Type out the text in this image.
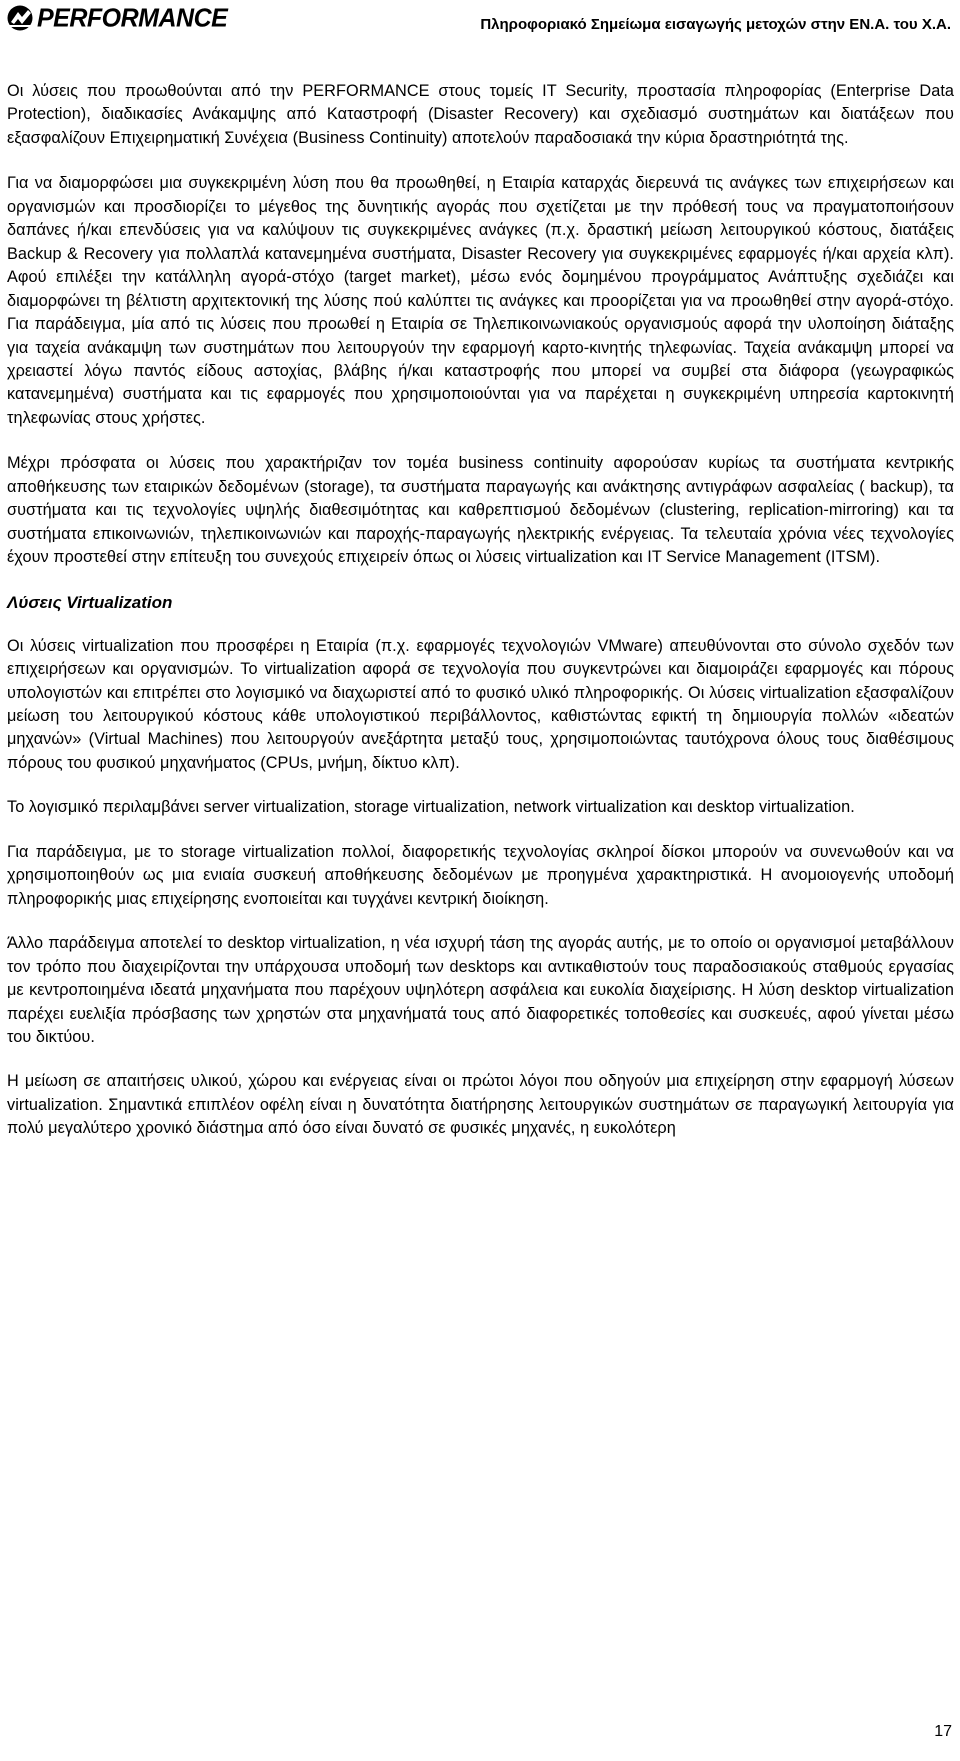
PERFORMANCE	Πληροφοριακό Σημείωμα εισαγωγής μετοχών στην ΕΝ.Α. του Χ.Α.

Οι λύσεις που προωθούνται από την PERFORMANCE στους τομείς IT Security, προστασία πληροφορίας (Enterprise Data Protection), διαδικασίες Ανάκαμψης από Καταστροφή (Disaster Recovery) και σχεδιασμό συστημάτων και διατάξεων που εξασφαλίζουν Επιχειρηματική Συνέχεια (Business Continuity) αποτελούν παραδοσιακά την κύρια δραστηριότητά της.

Για να διαμορφώσει μια συγκεκριμένη λύση που θα προωθηθεί, η Εταιρία καταρχάς διερευνά τις ανάγκες των επιχειρήσεων και οργανισμών και προσδιορίζει το μέγεθος της δυνητικής αγοράς που σχετίζεται με την πρόθεσή τους να πραγματοποιήσουν δαπάνες ή/και επενδύσεις για να καλύψουν τις συγκεκριμένες ανάγκες (π.χ. δραστική μείωση λειτουργικού κόστους, διατάξεις Backup & Recovery για πολλαπλά κατανεμημένα συστήματα, Disaster Recovery για συγκεκριμένες εφαρμογές ή/και αρχεία κλπ). Αφού επιλέξει την κατάλληλη αγορά-στόχο (target market), μέσω ενός δομημένου προγράμματος Ανάπτυξης σχεδιάζει και διαμορφώνει τη βέλτιστη αρχιτεκτονική της λύσης πού καλύπτει τις ανάγκες και προορίζεται για να προωθηθεί στην αγορά-στόχο. Για παράδειγμα, μία από τις λύσεις που προωθεί η Εταιρία σε Τηλεπικοινωνιακούς οργανισμούς αφορά την υλοποίηση διάταξης για ταχεία ανάκαμψη των συστημάτων που λειτουργούν την εφαρμογή καρτο-κινητής τηλεφωνίας. Ταχεία ανάκαμψη μπορεί να χρειαστεί λόγω παντός είδους αστοχίας, βλάβης ή/και καταστροφής που μπορεί να συμβεί στα διάφορα (γεωγραφικώς κατανεμημένα) συστήματα και τις εφαρμογές που χρησιμοποιούνται για να παρέχεται η συγκεκριμένη υπηρεσία καρτοκινητή τηλεφωνίας στους χρήστες.

Μέχρι πρόσφατα οι λύσεις που χαρακτήριζαν τον τομέα business continuity αφορούσαν κυρίως τα συστήματα κεντρικής αποθήκευσης των εταιρικών δεδομένων (storage), τα συστήματα παραγωγής και ανάκτησης αντιγράφων ασφαλείας ( backup), τα συστήματα και τις τεχνολογίες υψηλής διαθεσιμότητας και καθρεπτισμού δεδομένων (clustering, replication-mirroring) και τα συστήματα επικοινωνιών, τηλεπικοινωνιών και παροχής-παραγωγής ηλεκτρικής ενέργειας. Τα τελευταία χρόνια νέες τεχνολογίες έχουν προστεθεί στην επίτευξη του συνεχούς επιχειρείν όπως οι λύσεις virtualization και IT Service Management (ITSM).

Λύσεις Virtualization

Οι λύσεις virtualization που προσφέρει η Εταιρία (π.χ. εφαρμογές τεχνολογιών VMware) απευθύνονται στο σύνολο σχεδόν των επιχειρήσεων και οργανισμών. Το virtualization αφορά σε τεχνολογία που συγκεντρώνει και διαμοιράζει εφαρμογές και πόρους υπολογιστών και επιτρέπει στο λογισμικό να διαχωριστεί από το φυσικό υλικό πληροφορικής. Οι λύσεις virtualization εξασφαλίζουν μείωση του λειτουργικού κόστους κάθε υπολογιστικού περιβάλλοντος, καθιστώντας εφικτή τη δημιουργία πολλών «ιδεατών μηχανών» (Virtual Machines) που λειτουργούν ανεξάρτητα μεταξύ τους, χρησιμοποιώντας ταυτόχρονα όλους τους διαθέσιμους πόρους του φυσικού μηχανήματος (CPUs, μνήμη, δίκτυο κλπ).

Το λογισμικό περιλαμβάνει server virtualization, storage virtualization, network virtualization και desktop virtualization.

Για παράδειγμα, με το storage virtualization πολλοί, διαφορετικής τεχνολογίας σκληροί δίσκοι μπορούν να συνενωθούν και να χρησιμοποιηθούν ως μια ενιαία συσκευή αποθήκευσης δεδομένων με προηγμένα χαρακτηριστικά. Η ανομοιογενής υποδομή πληροφορικής μιας επιχείρησης ενοποιείται και τυγχάνει κεντρική διοίκηση.

Άλλο παράδειγμα αποτελεί το desktop virtualization, η νέα ισχυρή τάση της αγοράς αυτής, με το οποίο οι οργανισμοί μεταβάλλουν τον τρόπο που διαχειρίζονται την υπάρχουσα υποδομή των desktops και αντικαθιστούν τους παραδοσιακούς σταθμούς εργασίας με κεντροποιημένα ιδεατά μηχανήματα που παρέχουν υψηλότερη ασφάλεια και ευκολία διαχείρισης. Η λύση desktop virtualization παρέχει ευελιξία πρόσβασης των χρηστών στα μηχανήματά τους από διαφορετικές τοποθεσίες και συσκευές, αφού γίνεται μέσω του δικτύου.

Η μείωση σε απαιτήσεις υλικού, χώρου και ενέργειας είναι οι πρώτοι λόγοι που οδηγούν μια επιχείρηση στην εφαρμογή λύσεων virtualization. Σημαντικά επιπλέον οφέλη είναι η δυνατότητα διατήρησης λειτουργικών συστημάτων σε παραγωγική λειτουργία για πολύ μεγαλύτερο χρονικό διάστημα από όσο είναι δυνατό σε φυσικές μηχανές, η ευκολότερη

17
